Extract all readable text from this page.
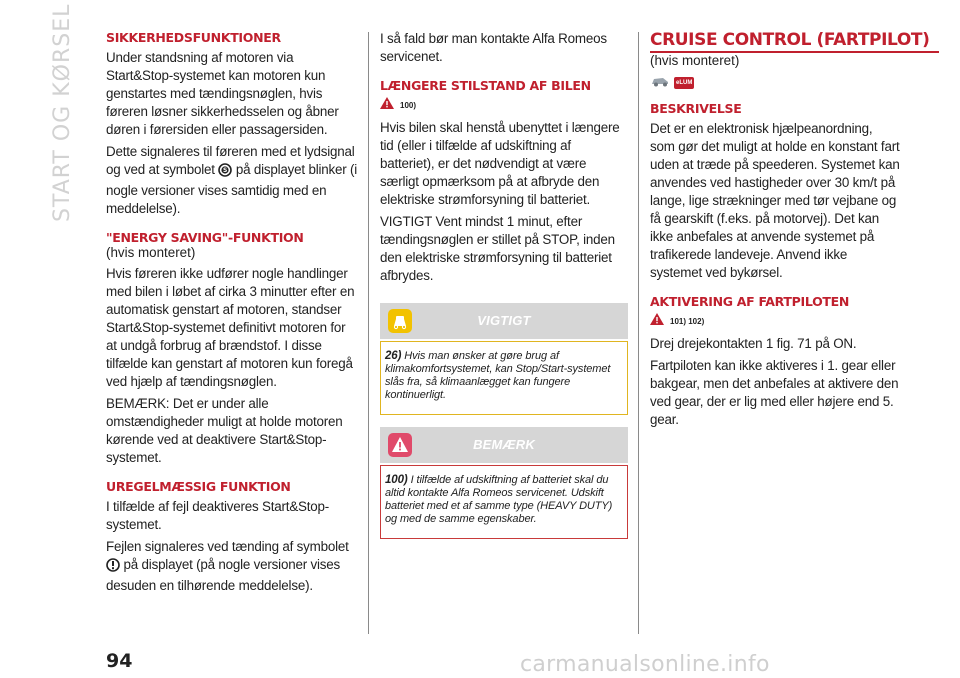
START OG KØRSEL	SIKKERHEDSFUNKTIONER

Under standsning af motoren via Start&Stop-systemet kan motoren kun genstartes med tændingsnøglen, hvis føreren løsner sikkerhedsselen og åbner døren i førersiden eller passagersiden.

Dette signaleres til føreren med et lydsignal og ved at symbolet S på displayet blinker (i nogle versioner vises samtidig med en meddelelse).

"ENERGY SAVING"-FUNKTION
(hvis monteret)

Hvis føreren ikke udfører nogle handlinger med bilen i løbet af cirka 3 minutter efter en automatisk genstart af motoren, standser Start&Stop-systemet definitivt motoren for at undgå forbrug af brændstof. I disse tilfælde kan genstart af motoren kun foregå ved hjælp af tændingsnøglen.

BEMÆRK: Det er under alle omstændigheder muligt at holde motoren kørende ved at deaktivere Start&Stop-systemet.

UREGELMÆSSIG FUNKTION

I tilfælde af fejl deaktiveres Start&Stop-systemet.

Fejlen signaleres ved tænding af symbolet  på displayet (på nogle versioner vises desuden en tilhørende meddelelse).

I så fald bør man kontakte Alfa Romeos servicenet.

LÆNGERE STILSTAND AF BILEN
100)

Hvis bilen skal henstå ubenyttet i længere tid (eller i tilfælde af udskiftning af batteriet), er det nødvendigt at være særligt opmærksom på at afbryde den elektriske strømforsyning til batteriet.

VIGTIGT Vent mindst 1 minut, efter tændingsnøglen er stillet på STOP, inden den elektriske strømforsyning til batteriet afbrydes.

VIGTIGT

26) Hvis man ønsker at gøre brug af klimakomfortsystemet, kan Stop/Start-systemet slås fra, så klimaanlægget kan fungere kontinuerligt.

BEMÆRK

100) I tilfælde af udskiftning af batteriet skal du altid kontakte Alfa Romeos servicenet. Udskift batteriet med et af samme type (HEAVY DUTY) og med de samme egenskaber.

CRUISE CONTROL (FARTPILOT)
(hvis monteret)
eLUM
BESKRIVELSE

Det er en elektronisk hjælpeanordning, som gør det muligt at holde en konstant fart uden at træde på speederen. Systemet kan anvendes ved hastigheder over 30 km/t på lange, lige strækninger med tør vejbane og få gearskift (f.eks. på motorvej). Det kan ikke anbefales at anvende systemet på trafikerede landeveje. Anvend ikke systemet ved bykørsel.

AKTIVERING AF FARTPILOTEN
101) 102)

Drej drejekontakten 1 fig. 71 på ON.

Fartpiloten kan ikke aktiveres i 1. gear eller bakgear, men det anbefales at aktivere den ved gear, der er lig med eller højere end 5. gear.

94	carmanualsonline.info
